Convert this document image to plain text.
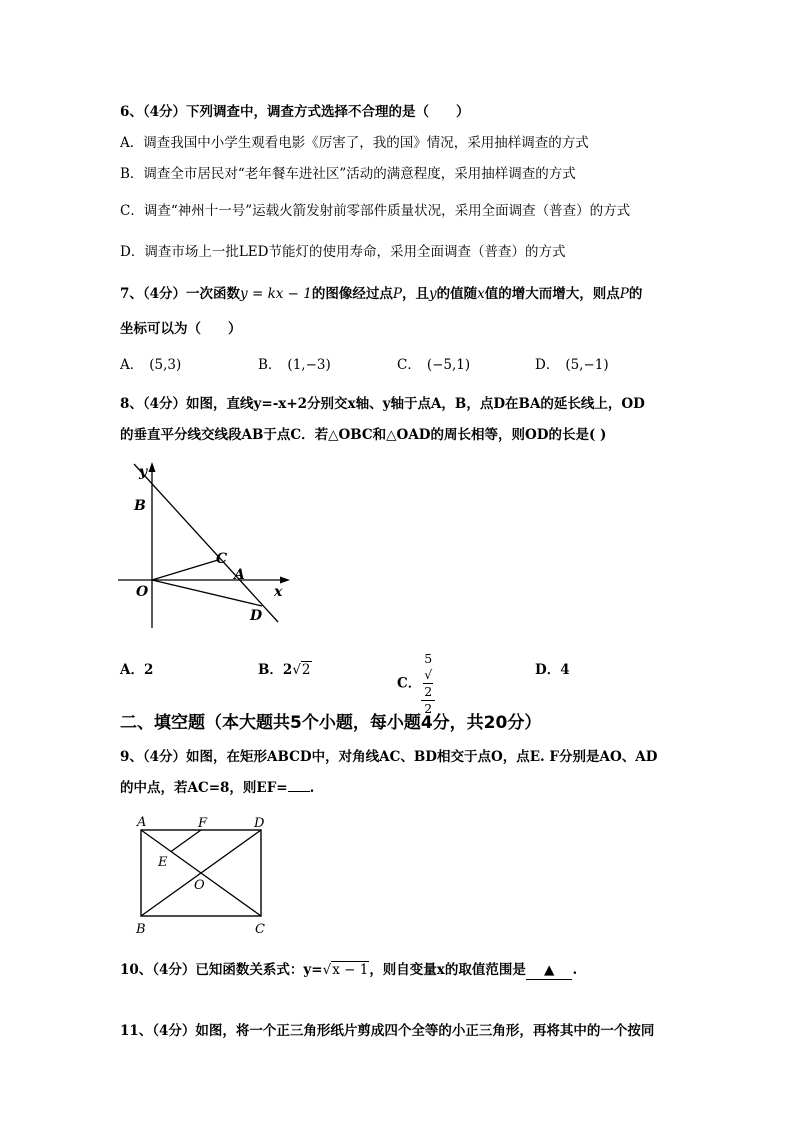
6、（4分）下列调查中，调查方式选择不合理的是（　　）
A．调查我国中小学生观看电影《厉害了，我的国》情况，采用抽样调查的方式
B．调查全市居民对“老年餐车进社区”活动的满意程度，采用抽样调查的方式
C．调查“神州十一号”运载火箭发射前零部件质量状况，采用全面调查（普查）的方式
D．调查市场上一批LED节能灯的使用寿命，采用全面调查（普查）的方式
7、（4分）一次函数y = kx − 1的图像经过点P，且y的值随x值的增大而增大，则点P的
坐标可以为（　　）
A． (5,3)	B． (1,−3)	C． (−5,1)	D． (5,−1)
8、（4分）如图，直线y=-x+2分别交x轴、y轴于点A，B，点D在BA的延长线上，OD
的垂直平分线交线段AB于点C．若△OBC和△OAD的周长相等，则OD的长是( )
y
B
C
A
O	x
D
A．2	B．2√2
C． 5
√
2
2	D．4
二、填空题（本大题共5个小题，每小题4分，共20分）
9、（4分）如图，在矩形ABCD中，对角线AC、BD相交于点O，点E. F分别是AO、AD
的中点，若AC=8，则EF= .
A	F	D
E
O
B	C
10、（4分）已知函数关系式：y=√x − 1，则自变量x的取值范围是 ▲ .
11、（4分）如图，将一个正三角形纸片剪成四个全等的小正三角形，再将其中的一个按同
